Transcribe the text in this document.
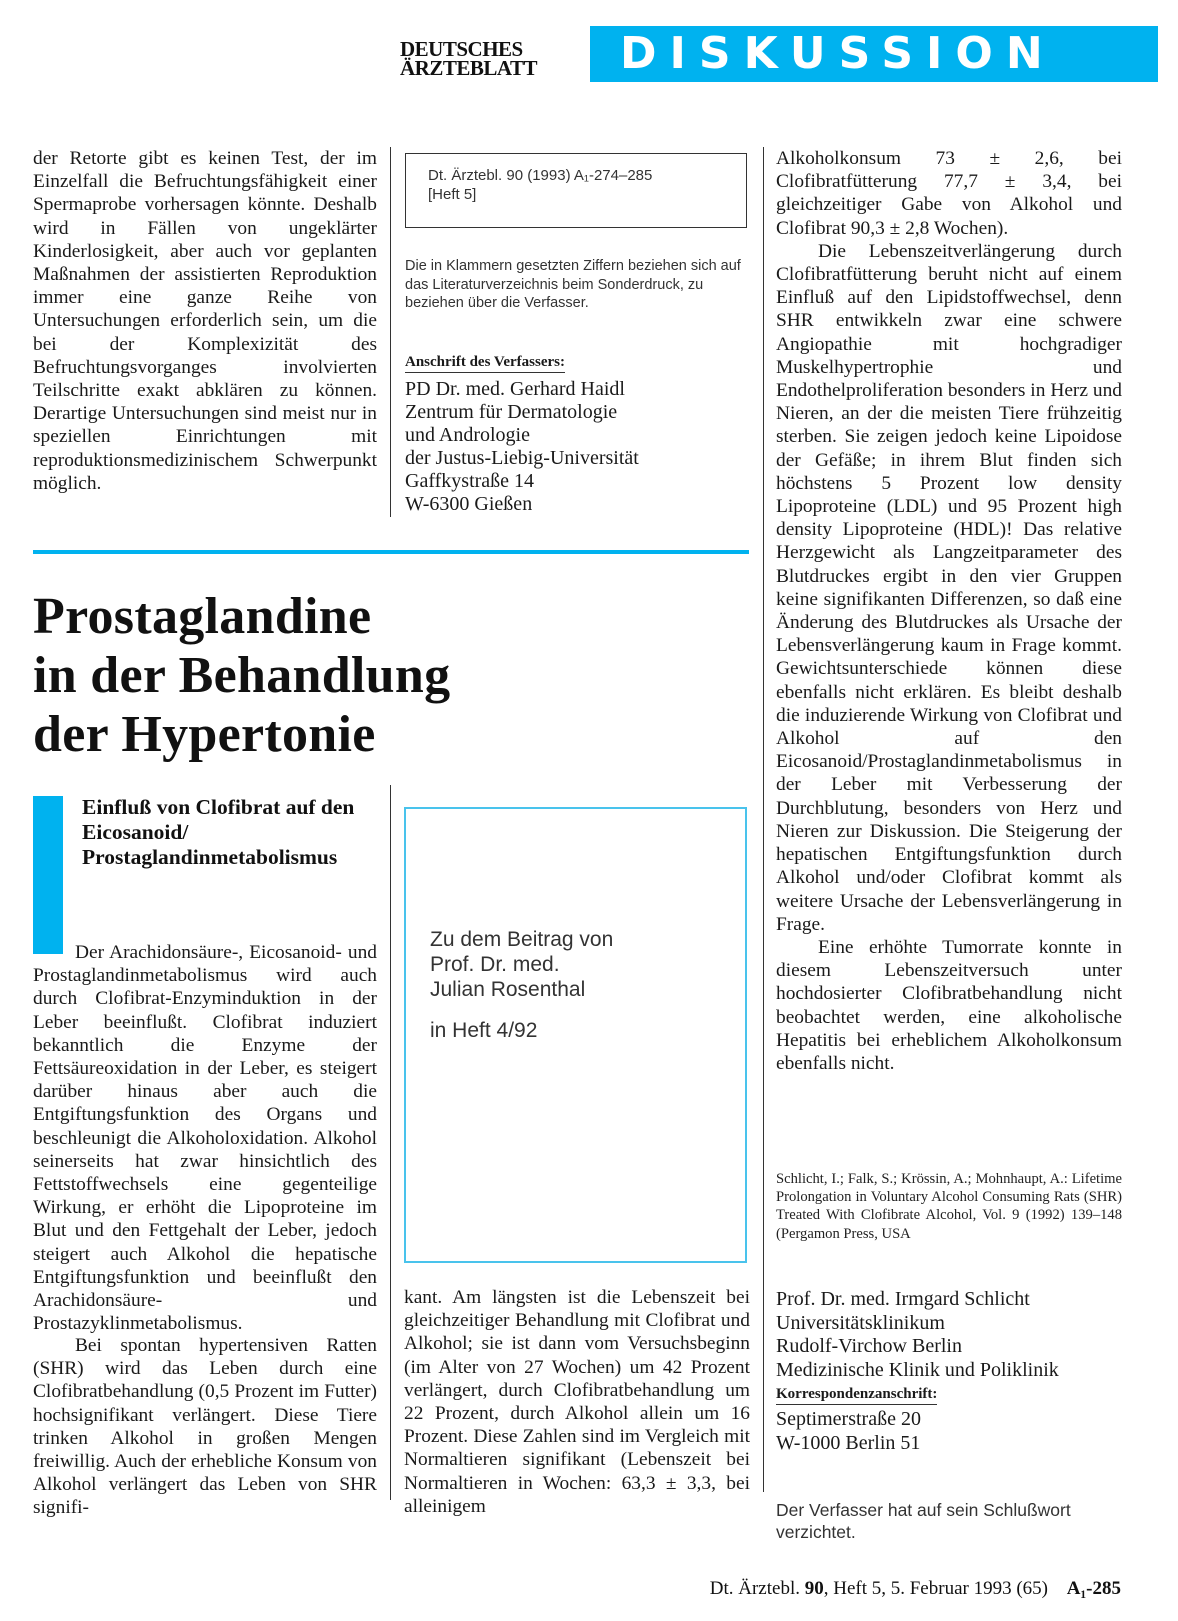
DEUTSCHES
ÄRZTEBLATT DISKUSSION

der Retorte gibt es keinen Test, der im Einzelfall die Befruchtungsfähigkeit einer Spermaprobe vorhersagen könnte. Deshalb wird in Fällen von ungeklärter Kinderlosigkeit, aber auch vor geplanten Maßnahmen der assistierten Reproduktion immer eine ganze Reihe von Untersuchungen erforderlich sein, um die bei der Komplexizität des Befruchtungsvorganges involvierten Teilschritte exakt abklären zu können. Derartige Untersuchungen sind meist nur in speziellen Einrichtungen mit reproduktionsmedizinischem Schwerpunkt möglich.

Dt. Ärztebl. 90 (1993) A₁-274–285
[Heft 5]
Die in Klammern gesetzten Ziffern beziehen sich auf das Literaturverzeichnis beim Sonderdruck, zu beziehen über die Verfasser.
Anschrift des Verfassers:
PD Dr. med. Gerhard Haidl
Zentrum für Dermatologie
und Andrologie
der Justus-Liebig-Universität
Gaffkystraße 14
W-6300 Gießen
Prostaglandine
in der Behandlung
der Hypertonie
Einfluß von Clofibrat auf den Eicosanoid/ Prostaglandinmetabolismus

Der Arachidonsäure-, Eicosanoid- und Prostaglandinmetabolismus wird auch durch Clofibrat-Enzyminduktion in der Leber beeinflußt. Clofibrat induziert bekanntlich die Enzyme der Fettsäureoxidation in der Leber, es steigert darüber hinaus aber auch die Entgiftungsfunktion des Organs und beschleunigt die Alkoholoxidation. Alkohol seinerseits hat zwar hinsichtlich des Fettstoffwechsels eine gegenteilige Wirkung, er erhöht die Lipoproteine im Blut und den Fettgehalt der Leber, jedoch steigert auch Alkohol die hepatische Entgiftungsfunktion und beeinflußt den Arachidonsäure- und Prostazyklinmetabolismus.

Bei spontan hypertensiven Ratten (SHR) wird das Leben durch eine Clofibratbehandlung (0,5 Prozent im Futter) hochsignifikant verlängert. Diese Tiere trinken Alkohol in großen Mengen freiwillig. Auch der erhebliche Konsum von Alkohol verlängert das Leben von SHR signifi-

Zu dem Beitrag von
Prof. Dr. med.
Julian Rosenthal
in Heft 4/92

kant. Am längsten ist die Lebenszeit bei gleichzeitiger Behandlung mit Clofibrat und Alkohol; sie ist dann vom Versuchsbeginn (im Alter von 27 Wochen) um 42 Prozent verlängert, durch Clofibratbehandlung um 22 Prozent, durch Alkohol allein um 16 Prozent. Diese Zahlen sind im Vergleich mit Normaltieren signifikant (Lebenszeit bei Normaltieren in Wochen: 63,3 ± 3,3, bei alleinigem

Alkoholkonsum 73 ± 2,6, bei Clofibratfütterung 77,7 ± 3,4, bei gleichzeitiger Gabe von Alkohol und Clofibrat 90,3 ± 2,8 Wochen).

Die Lebenszeitverlängerung durch Clofibratfütterung beruht nicht auf einem Einfluß auf den Lipidstoffwechsel, denn SHR entwikkeln zwar eine schwere Angiopathie mit hochgradiger Muskelhypertrophie und Endothelproliferation besonders in Herz und Nieren, an der die meisten Tiere frühzeitig sterben. Sie zeigen jedoch keine Lipoidose der Gefäße; in ihrem Blut finden sich höchstens 5 Prozent low density Lipoproteine (LDL) und 95 Prozent high density Lipoproteine (HDL)! Das relative Herzgewicht als Langzeitparameter des Blutdruckes ergibt in den vier Gruppen keine signifikanten Differenzen, so daß eine Änderung des Blutdruckes als Ursache der Lebensverlängerung kaum in Frage kommt. Gewichtsunterschiede können diese ebenfalls nicht erklären. Es bleibt deshalb die induzierende Wirkung von Clofibrat und Alkohol auf den Eicosanoid/Prostaglandinmetabolismus in der Leber mit Verbesserung der Durchblutung, besonders von Herz und Nieren zur Diskussion. Die Steigerung der hepatischen Entgiftungsfunktion durch Alkohol und/oder Clofibrat kommt als weitere Ursache der Lebensverlängerung in Frage.

Eine erhöhte Tumorrate konnte in diesem Lebenszeitversuch unter hochdosierter Clofibratbehandlung nicht beobachtet werden, eine alkoholische Hepatitis bei erheblichem Alkoholkonsum ebenfalls nicht.

Schlicht, I.; Falk, S.; Krössin, A.; Mohnhaupt, A.: Lifetime Prolongation in Voluntary Alcohol Consuming Rats (SHR) Treated With Clofibrate Alcohol, Vol. 9 (1992) 139–148 (Pergamon Press, USA
Prof. Dr. med. Irmgard Schlicht
Universitätsklinikum
Rudolf-Virchow Berlin
Medizinische Klinik und Poliklinik
Korrespondenzanschrift:
Septimerstraße 20
W-1000 Berlin 51
Der Verfasser hat auf sein Schlußwort verzichtet.
Dt. Ärztebl. 90, Heft 5, 5. Februar 1993 (65) A₁-285
